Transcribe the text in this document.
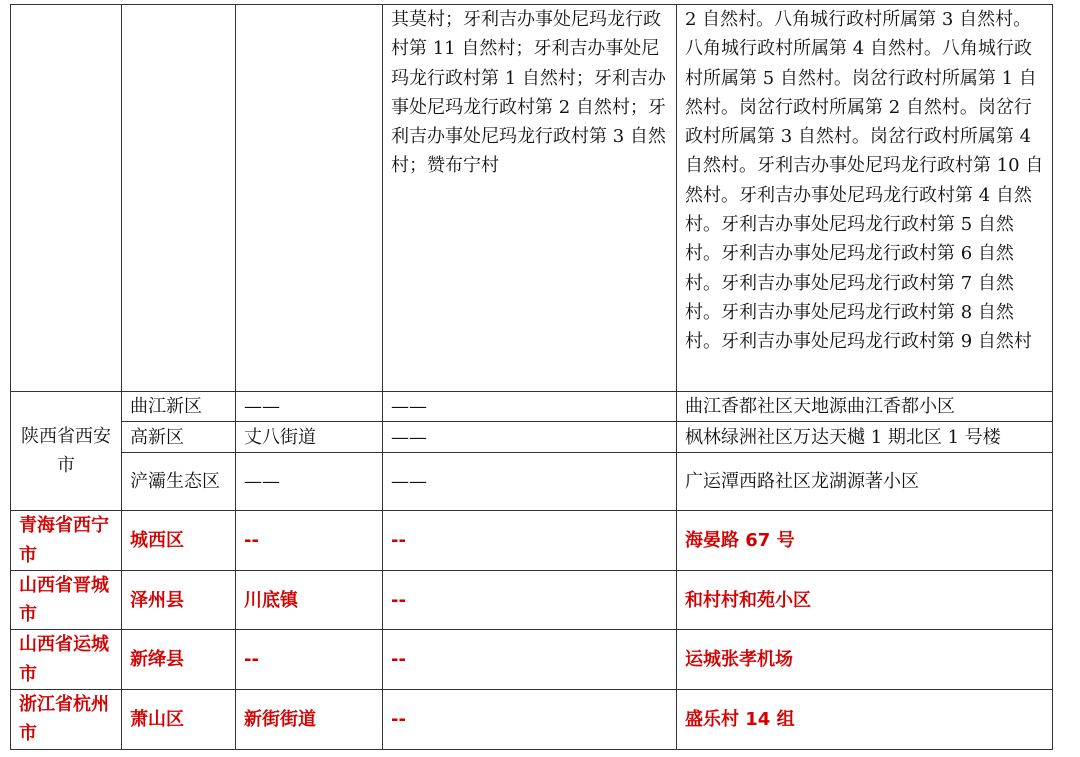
			其莫村；牙利吉办事处尼玛龙行政村第 11 自然村；牙利吉办事处尼玛龙行政村第 1 自然村；牙利吉办事处尼玛龙行政村第 2 自然村；牙利吉办事处尼玛龙行政村第 3 自然村；赞布宁村	2 自然村。八角城行政村所属第 3 自然村。八角城行政村所属第 4 自然村。八角城行政村所属第 5 自然村。岗岔行政村所属第 1 自然村。岗岔行政村所属第 2 自然村。岗岔行政村所属第 3 自然村。岗岔行政村所属第 4 自然村。牙利吉办事处尼玛龙行政村第 10 自然村。牙利吉办事处尼玛龙行政村第 4 自然村。牙利吉办事处尼玛龙行政村第 5 自然村。牙利吉办事处尼玛龙行政村第 6 自然村。牙利吉办事处尼玛龙行政村第 7 自然村。牙利吉办事处尼玛龙行政村第 8 自然村。牙利吉办事处尼玛龙行政村第 9 自然村
陕西省西安市	曲江新区	——	——	曲江香都社区天地源曲江香都小区
	高新区	丈八街道	——	枫林绿洲社区万达天樾 1 期北区 1 号楼
	浐灞生态区	——	——	广运潭西路社区龙湖源著小区
青海省西宁市	城西区	--	--	海晏路 67 号
山西省晋城市	泽州县	川底镇	--	和村村和苑小区
山西省运城市	新绛县	--	--	运城张孝机场
浙江省杭州市	萧山区	新街街道	--	盛乐村 14 组
